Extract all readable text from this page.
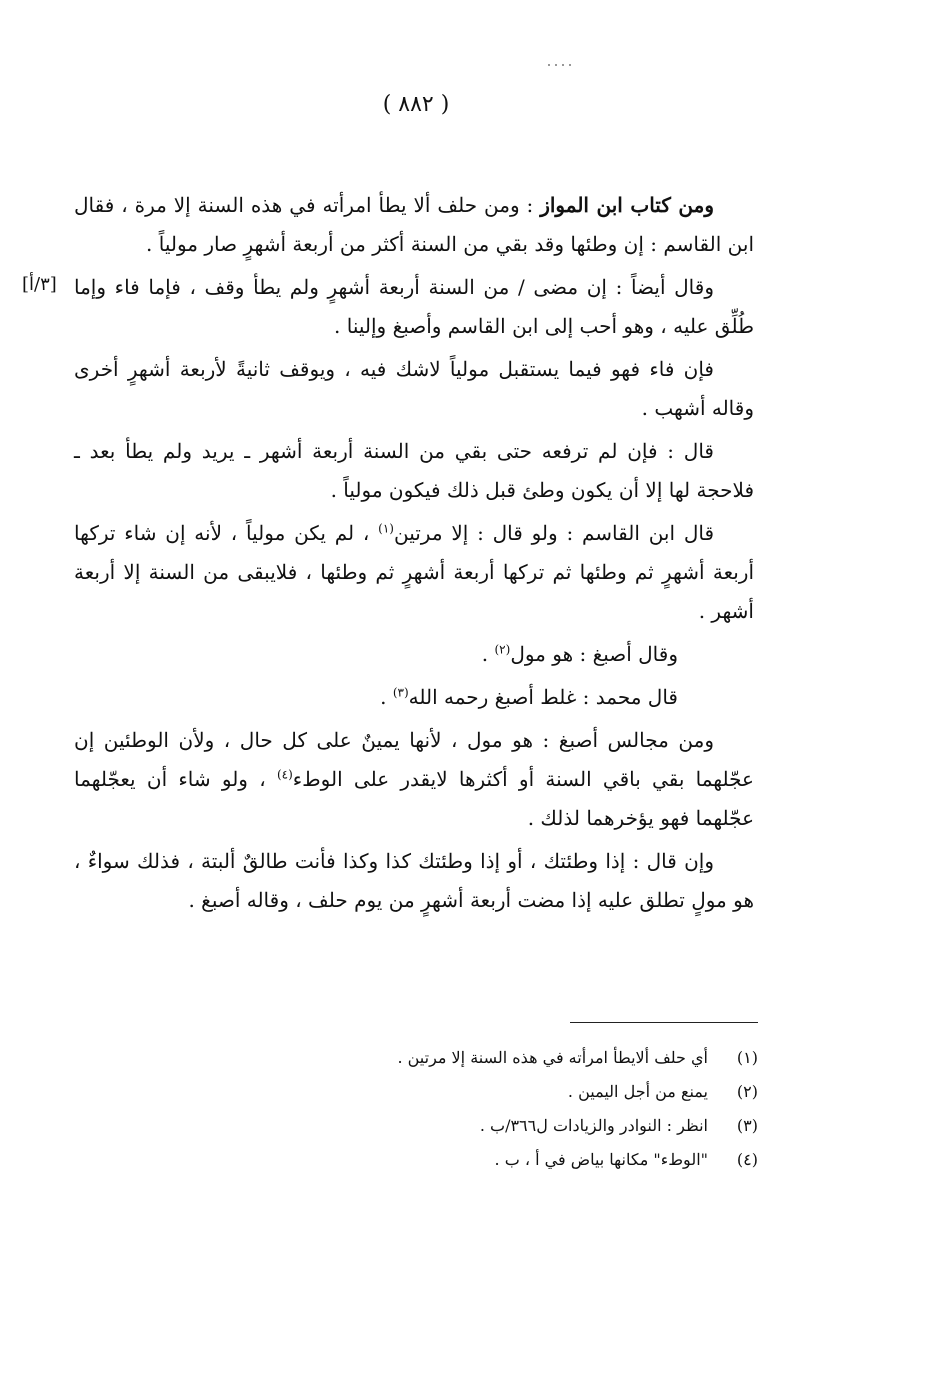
( ٨٨٢ )
[٣/أ]

ومن كتاب ابن المواز : ومن حلف ألا يطأ امرأته في هذه السنة إلا مرة ، فقال ابن القاسم : إن وطئها وقد بقي من السنة أكثر من أربعة أشهرٍ صار مولياً .

وقال أيضاً : إن مضى / من السنة أربعة أشهرٍ ولم يطأ وقف ، فإما فاء وإما طُلِّق عليه ، وهو أحب إلى ابن القاسم وأصبغ وإلينا .

فإن فاء فهو فيما يستقبل مولياً لاشك فيه ، ويوقف ثانيةً لأربعة أشهرٍ أخرى وقاله أشهب .

قال : فإن لم ترفعه حتى بقي من السنة أربعة أشهر ـ يريد ولم يطأ بعد ـ فلاحجة لها إلا أن يكون وطئ قبل ذلك فيكون مولياً .

قال ابن القاسم : ولو قال : إلا مرتين$^{(١)}$ ، لم يكن مولياً ، لأنه إن شاء تركها أربعة أشهرٍ ثم وطئها ثم تركها أربعة أشهرٍ ثم وطئها ، فلايبقى من السنة إلا أربعة أشهر .

وقال أصبغ : هو مول$^{(٢)}$ .

قال محمد : غلط أصبغ رحمه الله$^{(٣)}$ .

ومن مجالس أصبغ : هو مول ، لأنها يمينٌ على كل حال ، ولأن الوطئين إن عجّلهما بقي باقي السنة أو أكثرها لايقدر على الوطء$^{(٤)}$ ، ولو شاء أن يعجّلهما عجّلهما فهو يؤخرهما لذلك .

وإن قال : إذا وطئتك ، أو إذا وطئتك كذا وكذا فأنت طالقٌ ألبتة ، فذلك سواءٌ ، هو مولٍ تطلق عليه إذا مضت أربعة أشهرٍ من يوم حلف ، وقاله أصبغ .

(١)
أي حلف ألايطأ امرأته في هذه السنة إلا مرتين .
(٢)
يمنع من أجل اليمين .
(٣)
انظر : النوادر والزيادات ل٣٦٦/ب .
(٤)
"الوطء" مكانها بياض في أ ، ب .
